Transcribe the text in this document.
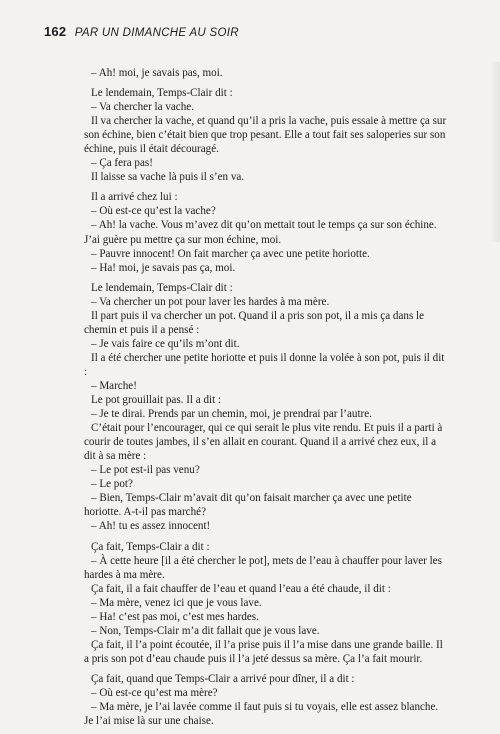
162 PAR UN DIMANCHE AU SOIR

– Ah! moi, je savais pas, moi.

Le lendemain, Temps-Clair dit :

– Va chercher la vache.

Il va chercher la vache, et quand qu’il a pris la vache, puis essaie à mettre ça sur son échine, bien c’était bien que trop pesant. Elle a tout fait ses saloperies sur son échine, puis il était découragé.

– Ça fera pas!

Il laisse sa vache là puis il s’en va.

Il a arrivé chez lui :

– Où est-ce qu’est la vache?

– Ah! la vache. Vous m’avez dit qu’on mettait tout le temps ça sur son échine. J’ai guère pu mettre ça sur mon échine, moi.

– Pauvre innocent! On fait marcher ça avec une petite horiotte.

– Ha! moi, je savais pas ça, moi.

Le lendemain, Temps-Clair dit :

– Va chercher un pot pour laver les hardes à ma mère.

Il part puis il va chercher un pot. Quand il a pris son pot, il a mis ça dans le chemin et puis il a pensé :

– Je vais faire ce qu’ils m’ont dit.

Il a été chercher une petite horiotte et puis il donne la volée à son pot, puis il dit :

– Marche!

Le pot grouillait pas. Il a dit :

– Je te dirai. Prends par un chemin, moi, je prendrai par l’autre.

C’était pour l’encourager, qui ce qui serait le plus vite rendu. Et puis il a parti à courir de toutes jambes, il s’en allait en courant. Quand il a arrivé chez eux, il a dit à sa mère :

– Le pot est-il pas venu?

– Le pot?

– Bien, Temps-Clair m’avait dit qu’on faisait marcher ça avec une petite horiotte. A-t-il pas marché?

– Ah! tu es assez innocent!

Ça fait, Temps-Clair a dit :

– À cette heure [il a été chercher le pot], mets de l’eau à chauffer pour laver les hardes à ma mère.

Ça fait, il a fait chauffer de l’eau et quand l’eau a été chaude, il dit :

– Ma mère, venez ici que je vous lave.

– Ha! c’est pas moi, c’est mes hardes.

– Non, Temps-Clair m’a dit fallait que je vous lave.

Ça fait, il l’a point écoutée, il l’a prise puis il l’a mise dans une grande baille. Il a pris son pot d’eau chaude puis il l’a jeté dessus sa mère. Ça l’a fait mourir.

Ça fait, quand que Temps-Clair a arrivé pour dîner, il a dit :

– Où est-ce qu’est ma mère?

– Ma mère, je l’ai lavée comme il faut puis si tu voyais, elle est assez blanche. Je l’ai mise là sur une chaise.
